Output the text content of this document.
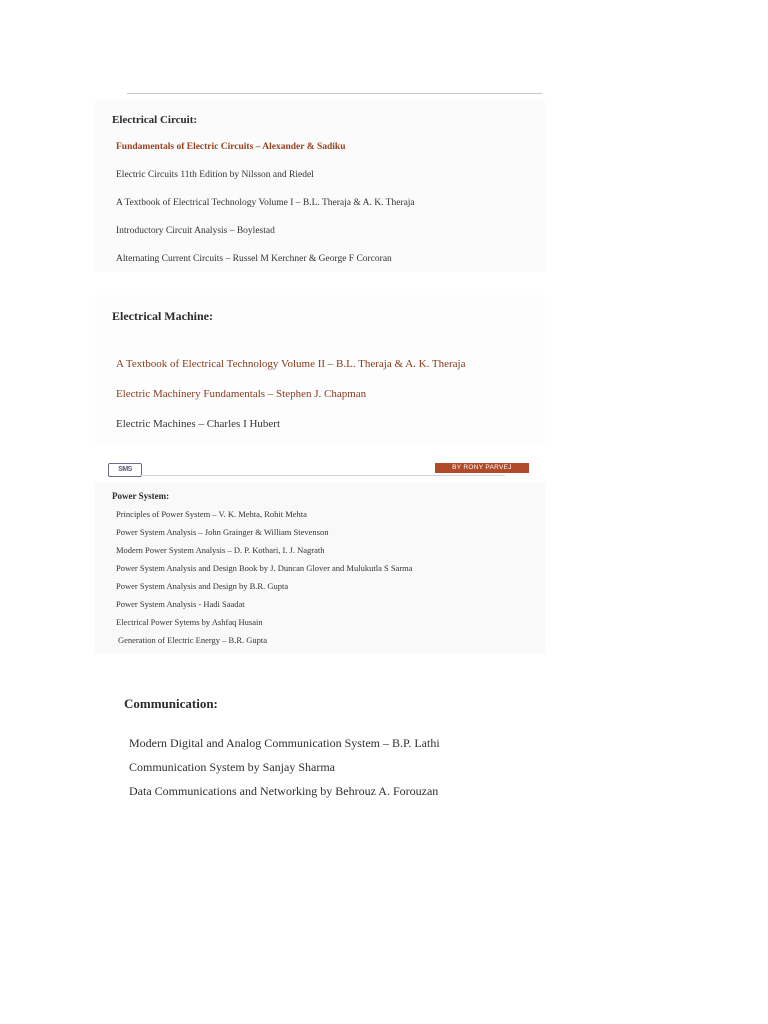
Electrical Circuit:
Fundamentals of Electric Circuits – Alexander & Sadiku
Electric Circuits 11th Edition by Nilsson and Riedel
A Textbook of Electrical Technology Volume I – B.L. Theraja & A. K. Theraja
Introductory Circuit Analysis – Boylestad
Alternating Current Circuits – Russel M Kerchner & George F Corcoran
Electrical Machine:
A Textbook of Electrical Technology Volume II – B.L. Theraja & A. K. Theraja
Electric Machinery Fundamentals – Stephen J. Chapman
Electric Machines – Charles I Hubert
SMS	BY RONY PARVEJ
Power System:
Principles of Power System – V. K. Mehta, Rohit Mehta
Power System Analysis – John Grainger & William Stevenson
Modern Power System Analysis – D. P. Kothari, I. J. Nagrath
Power System Analysis and Design Book by J. Duncan Glover and Mulukutla S Sarma
Power System Analysis and Design by B.R. Gupta
Power System Analysis - Hadi Saadat
Electrical Power Sytems by Ashfaq Husain
Generation of Electric Energy – B.R. Gupta
Communication:
Modern Digital and Analog Communication System – B.P. Lathi
Communication System by Sanjay Sharma
Data Communications and Networking by Behrouz A. Forouzan
